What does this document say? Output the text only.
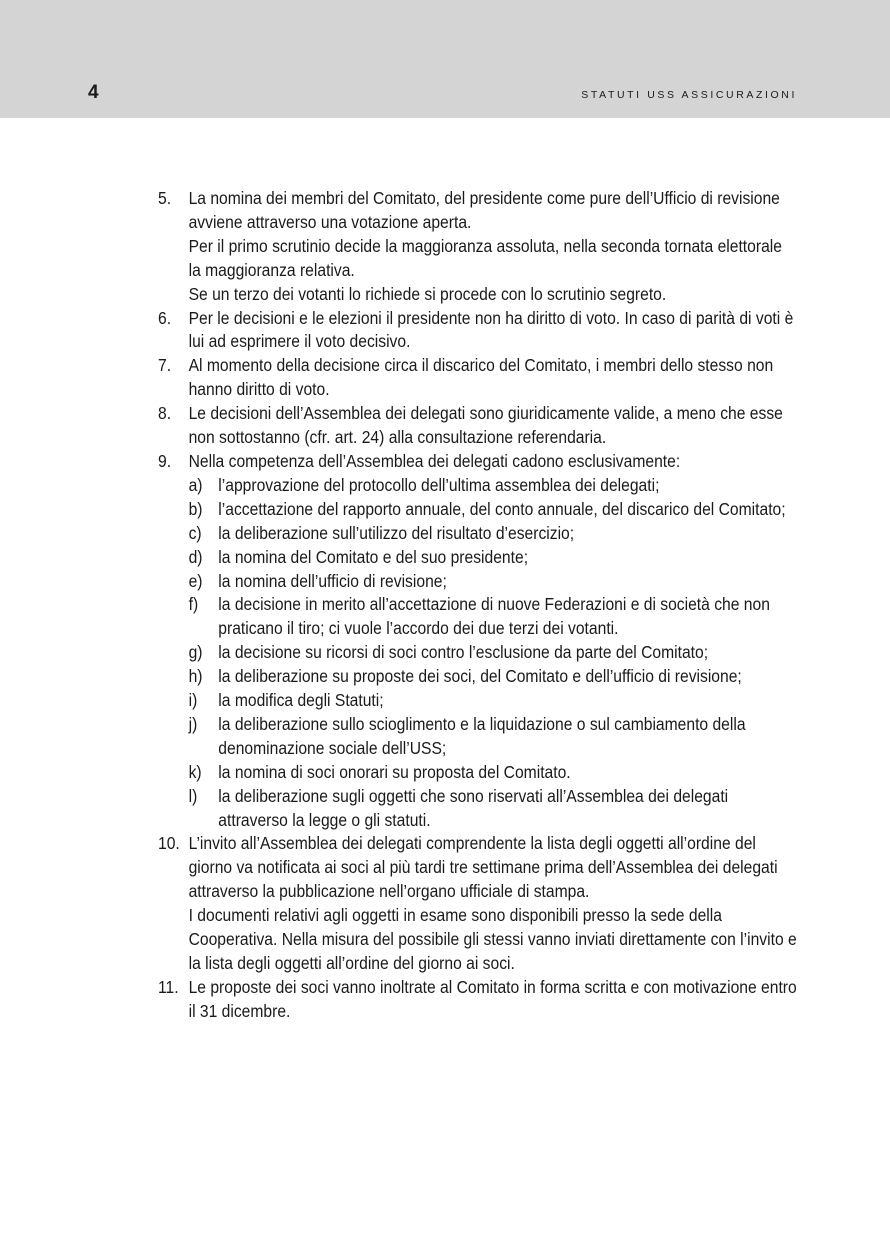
4	STATUTI USS ASSICURAZIONI
5. La nomina dei membri del Comitato, del presidente come pure dell’Ufficio di revisione avviene attraverso una votazione aperta.

Per il primo scrutinio decide la maggioranza assoluta, nella seconda tornata elettorale la maggioranza relativa.

Se un terzo dei votanti lo richiede si procede con lo scrutinio segreto.

6. Per le decisioni e le elezioni il presidente non ha diritto di voto. In caso di parità di voti è lui ad esprimere il voto decisivo.

7. Al momento della decisione circa il discarico del Comitato, i membri dello stesso non hanno diritto di voto.

8. Le decisioni dell’Assemblea dei delegati sono giuridicamente valide, a meno che esse non sottostanno (cfr. art. 24) alla consultazione referendaria.

9. Nella competenza dell’Assemblea dei delegati cadono esclusivamente:

a) l’approvazione del protocollo dell’ultima assemblea dei delegati;

b) l’accettazione del rapporto annuale, del conto annuale, del discarico del Comitato;

c) la deliberazione sull’utilizzo del risultato d’esercizio;

d) la nomina del Comitato e del suo presidente;

e) la nomina dell’ufficio di revisione;

f) la decisione in merito all’accettazione di nuove Federazioni e di società che non praticano il tiro; ci vuole l’accordo dei due terzi dei votanti.

g) la decisione su ricorsi di soci contro l’esclusione da parte del Comitato;

h) la deliberazione su proposte dei soci, del Comitato e dell’ufficio di revisione;

i) la modifica degli Statuti;

j) la deliberazione sullo scioglimento e la liquidazione o sul cambiamento della denominazione sociale dell’USS;

k) la nomina di soci onorari su proposta del Comitato.

l) la deliberazione sugli oggetti che sono riservati all’Assemblea dei delegati attraverso la legge o gli statuti.

10. L’invito all’Assemblea dei delegati comprendente la lista degli oggetti all’ordine del giorno va notificata ai soci al più tardi tre settimane prima dell’Assemblea dei delegati attraverso la pubblicazione nell’organo ufficiale di stampa.

I documenti relativi agli oggetti in esame sono disponibili presso la sede della Cooperativa. Nella misura del possibile gli stessi vanno inviati direttamente con l’invito e la lista degli oggetti all’ordine del giorno ai soci.

11. Le proposte dei soci vanno inoltrate al Comitato in forma scritta e con motivazione entro il 31 dicembre.
